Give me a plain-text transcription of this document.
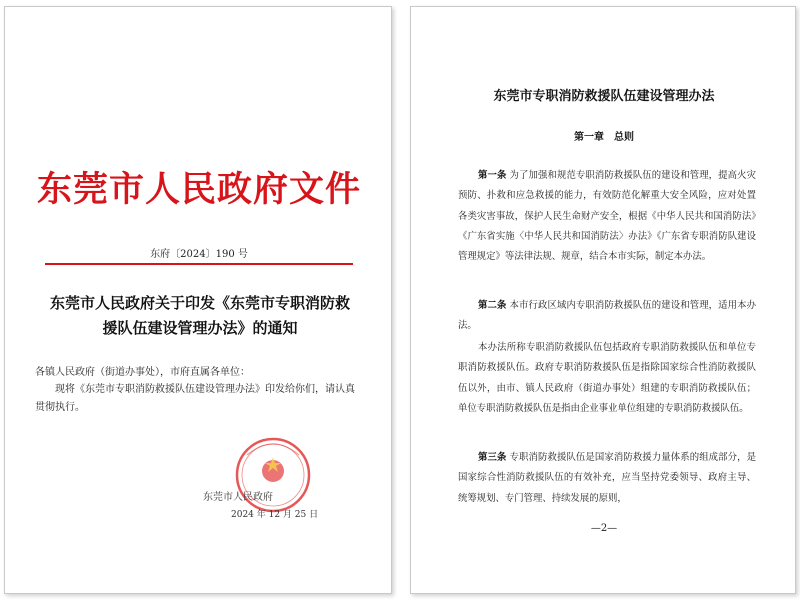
东莞市人民政府文件
东府〔2024〕190 号
东莞市人民政府关于印发《东莞市专职消防救
援队伍建设管理办法》的通知
各镇人民政府（街道办事处），市府直属各单位：
现将《东莞市专职消防救援队伍建设管理办法》印发给你们，请认真贯彻执行。
东莞市人民政府
2024 年 12 月 25 日
东莞市专职消防救援队伍建设管理办法
第一章　总则
第一条 为了加强和规范专职消防救援队伍的建设和管理，提高火灾预防、扑救和应急救援的能力，有效防范化解重大安全风险，应对处置各类灾害事故，保护人民生命财产安全，根据《中华人民共和国消防法》《广东省实施〈中华人民共和国消防法〉办法》《广东省专职消防队建设管理规定》等法律法规、规章，结合本市实际，制定本办法。
第二条 本市行政区域内专职消防救援队伍的建设和管理，适用本办法。
本办法所称专职消防救援队伍包括政府专职消防救援队伍和单位专职消防救援队伍。政府专职消防救援队伍是指除国家综合性消防救援队伍以外，由市、镇人民政府（街道办事处）组建的专职消防救援队伍；单位专职消防救援队伍是指由企业事业单位组建的专职消防救援队伍。
第三条 专职消防救援队伍是国家消防救援力量体系的组成部分，是国家综合性消防救援队伍的有效补充，应当坚持党委领导、政府主导、统筹规划、专门管理、持续发展的原则，
—2—
